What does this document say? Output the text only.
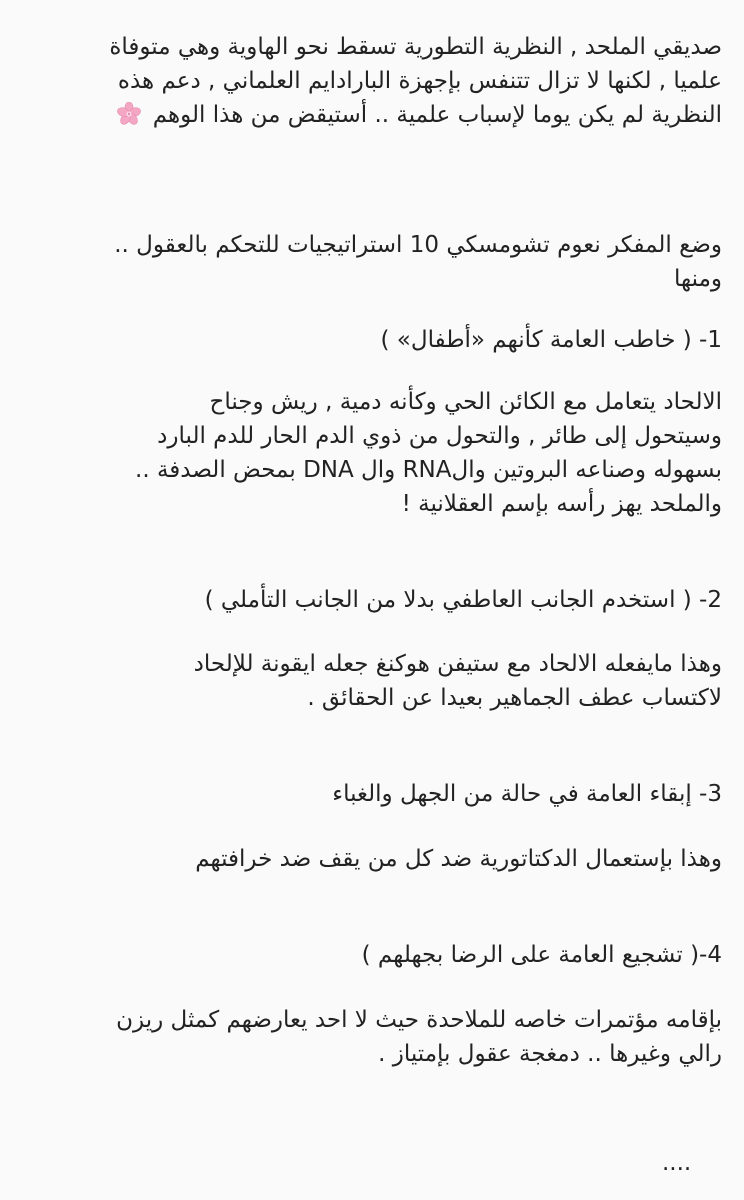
صديقي الملحد , النظرية التطورية تسقط نحو الهاوية وهي متوفاة
علميا , لكنها لا تزال تتنفس بإجهزة البارادايم العلماني , دعم هذه
النظرية لم يكن يوما لإسباب علمية .. أستيقض من هذا الوهم

وضع المفكر نعوم تشومسكي 10 استراتيجيات للتحكم بالعقول ..
ومنها

1- ( خاطب العامة كأنهم «أطفال» )

الالحاد يتعامل مع الكائن الحي وكأنه دمية , ريش وجناح
وسيتحول إلى طائر , والتحول من ذوي الدم الحار للدم البارد
بسهوله وصناعه البروتين والRNA وال DNA بمحض الصدفة ..
والملحد يهز رأسه بإسم العقلانية !

2- ( استخدم الجانب العاطفي بدلا من الجانب التأملي )

وهذا مايفعله الالحاد مع ستيفن هوكنغ جعله ايقونة للإلحاد
لاكتساب عطف الجماهير بعيدا عن الحقائق .

3- إبقاء العامة في حالة من الجهل والغباء

وهذا بإستعمال الدكتاتورية ضد كل من يقف ضد خرافتهم

4-( تشجيع العامة على الرضا بجهلهم )

بإقامه مؤتمرات خاصه للملاحدة حيث لا احد يعارضهم كمثل ريزن
رالي وغيرها .. دمغجة عقول بإمتياز .

....
